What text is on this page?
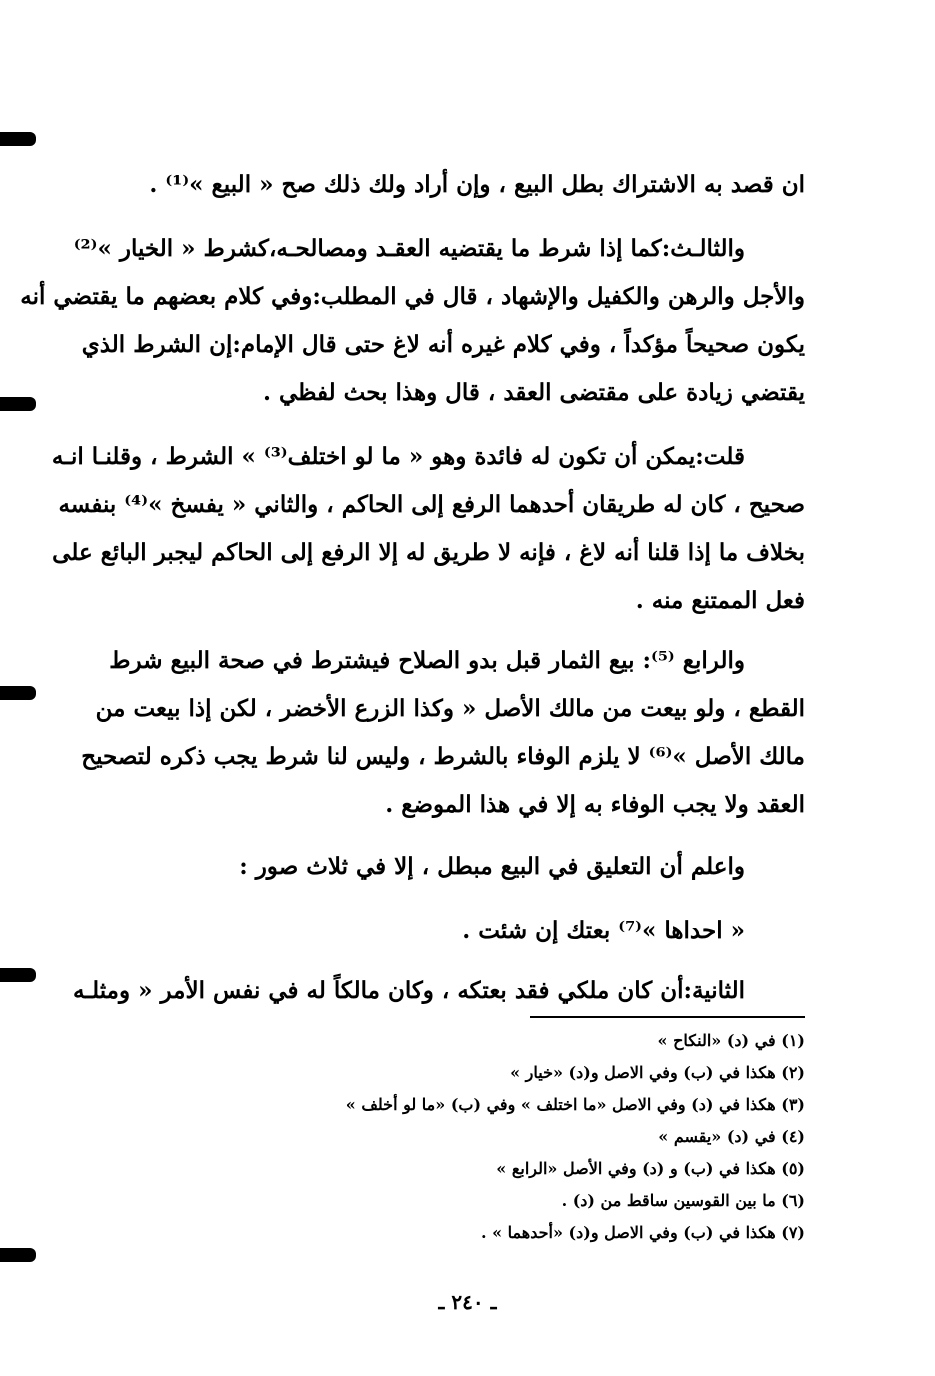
ان قصد به الاشتراك بطل البيع ، وإن أراد ولك ذلك صح « البيع »⁽¹⁾ .
والثالـث:كما إذا شرط ما يقتضيه العقـد ومصالحـه،كشرط « الخيار »⁽²⁾
والأجل والرهن والكفيل والإشهاد ، قال في المطلب:وفي كلام بعضهم ما يقتضي أنه
يكون صحيحاً مؤكداً ، وفي كلام غيره أنه لاغ حتى قال الإمام:إن الشرط الذي
يقتضي زيادة على مقتضى العقد ، قال وهذا بحث لفظي .
قلت:يمكن أن تكون له فائدة وهو « ما لو اختلف⁽³⁾ » الشرط ، وقلنـا انـه
صحيح ، كان له طريقان أحدهما الرفع إلى الحاكم ، والثاني « يفسخ »⁽⁴⁾ بنفسه
بخلاف ما إذا قلنا أنه لاغ ، فإنه لا طريق له إلا الرفع إلى الحاكم ليجبر البائع على
فعل الممتنع منه .
والرابع ⁽⁵⁾: بيع الثمار قبل بدو الصلاح فيشترط في صحة البيع شرط
القطع ، ولو بيعت من مالك الأصل « وكذا الزرع الأخضر ، لكن إذا بيعت من
مالك الأصل »⁽⁶⁾ لا يلزم الوفاء بالشرط ، وليس لنا شرط يجب ذكره لتصحيح
العقد ولا يجب الوفاء به إلا في هذا الموضع .
واعلم أن التعليق في البيع مبطل ، إلا في ثلاث صور :
« احداها »⁽⁷⁾ بعتك إن شئت .
الثانية:أن كان ملكي فقد بعتكه ، وكان مالكاً له في نفس الأمر « ومثلـه
(١) في (د) «النكاح »
(٢) هكذا في (ب) وفي الاصل و(د) «خيار »
(٣) هكذا في (د) وفي الاصل «ما اختلف » وفي (ب) «ما لو أخلف »
(٤) في (د) «يقسم »
(٥) هكذا في (ب) و (د) وفي الأصل «الرابع »
(٦) ما بين القوسين ساقط من (د) .
(٧) هكذا في (ب) وفي الاصل و(د) «أحدهما » .
ـ ٢٤٠ ـ
